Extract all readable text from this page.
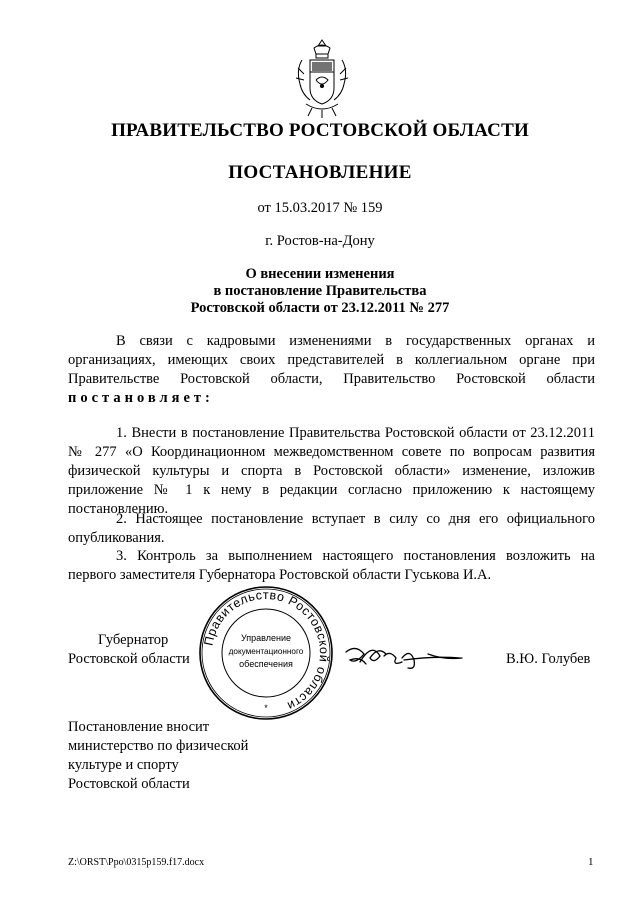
ПРАВИТЕЛЬСТВО РОСТОВСКОЙ ОБЛАСТИ
ПОСТАНОВЛЕНИЕ
от 15.03.2017 № 159
г. Ростов-на-Дону
О внесении изменения
в постановление Правительства
Ростовской области от 23.12.2011 № 277
В связи с кадровыми изменениями в государственных органах и организациях, имеющих своих представителей в коллегиальном органе при Правительстве Ростовской области, Правительство Ростовской области постановляет:
1. Внести в постановление Правительства Ростовской области от 23.12.2011 № 277 «О Координационном межведомственном совете по вопросам развития физической культуры и спорта в Ростовской области» изменение, изложив приложение № 1 к нему в редакции согласно приложению к настоящему постановлению.
2. Настоящее постановление вступает в силу со дня его официального опубликования.
3. Контроль за выполнением настоящего постановления возложить на первого заместителя Губернатора Ростовской области Гуськова И.А.
Губернатор
Ростовской области	В.Ю. Голубев
Правительство Ростовской области
Управление
документационного
обеспечения
*
Постановление вносит
министерство по физической
культуре и спорту
Ростовской области
Z:\ORST\Ppo\0315p159.f17.docx	1
